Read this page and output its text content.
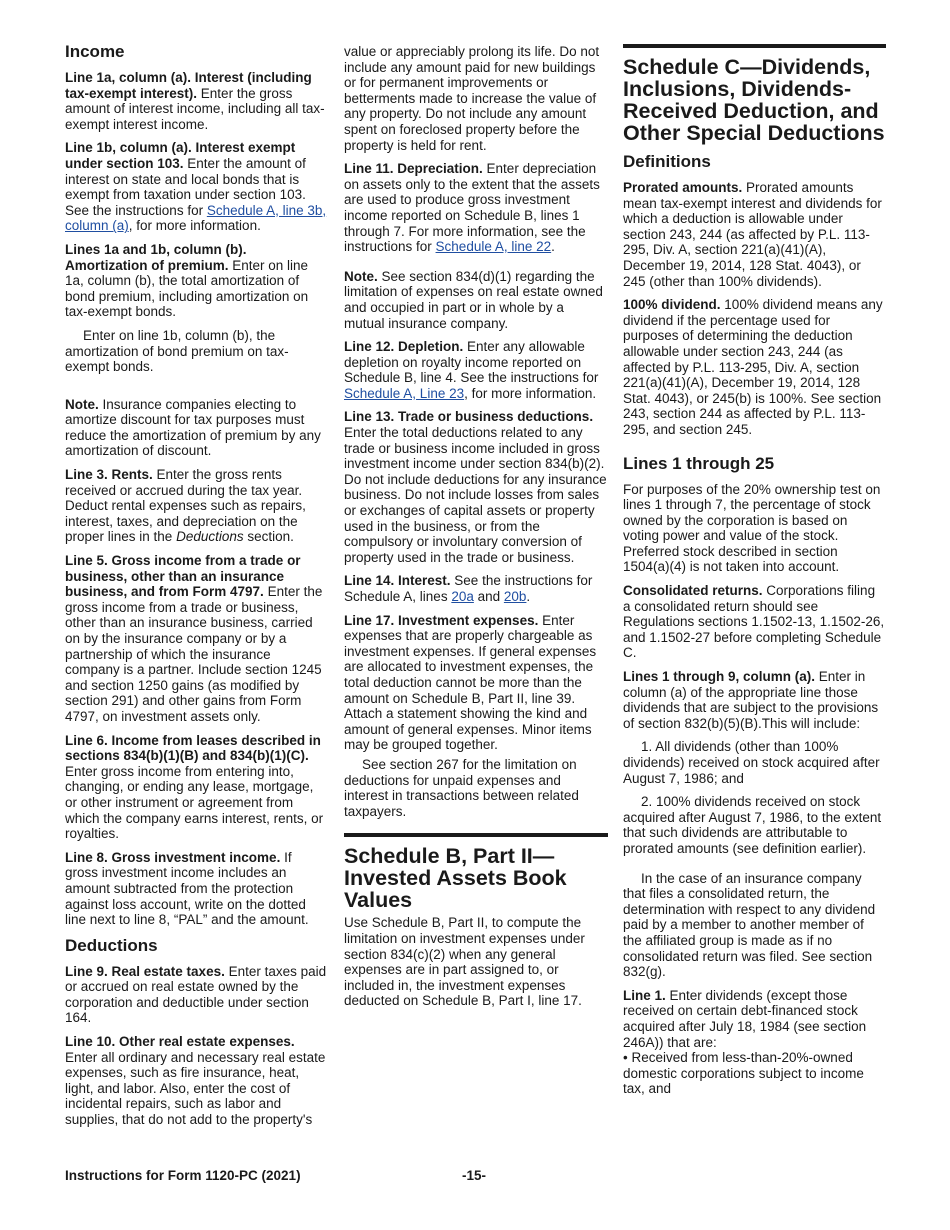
Income

Line 1a, column (a). Interest (including tax-exempt interest). Enter the gross amount of interest income, including all tax-exempt interest income.

Line 1b, column (a). Interest exempt under section 103. Enter the amount of interest on state and local bonds that is exempt from taxation under section 103. See the instructions for Schedule A, line 3b, column (a), for more information.

Lines 1a and 1b, column (b). Amortization of premium. Enter on line 1a, column (b), the total amortization of bond premium, including amortization on tax-exempt bonds.

Enter on line 1b, column (b), the amortization of bond premium on tax-exempt bonds.

Note. Insurance companies electing to amortize discount for tax purposes must reduce the amortization of premium by any amortization of discount.

Line 3. Rents. Enter the gross rents received or accrued during the tax year. Deduct rental expenses such as repairs, interest, taxes, and depreciation on the proper lines in the Deductions section.

Line 5. Gross income from a trade or business, other than an insurance business, and from Form 4797. Enter the gross income from a trade or business, other than an insurance business, carried on by the insurance company or by a partnership of which the insurance company is a partner. Include section 1245 and section 1250 gains (as modified by section 291) and other gains from Form 4797, on investment assets only.

Line 6. Income from leases described in sections 834(b)(1)(B) and 834(b)(1)(C). Enter gross income from entering into, changing, or ending any lease, mortgage, or other instrument or agreement from which the company earns interest, rents, or royalties.

Line 8. Gross investment income. If gross investment income includes an amount subtracted from the protection against loss account, write on the dotted line next to line 8, “PAL” and the amount.

Deductions

Line 9. Real estate taxes. Enter taxes paid or accrued on real estate owned by the corporation and deductible under section 164.

Line 10. Other real estate expenses. Enter all ordinary and necessary real estate expenses, such as fire insurance, heat, light, and labor. Also, enter the cost of incidental repairs, such as labor and supplies, that do not add to the property's

value or appreciably prolong its life. Do not include any amount paid for new buildings or for permanent improvements or betterments made to increase the value of any property. Do not include any amount spent on foreclosed property before the property is held for rent.

Line 11. Depreciation. Enter depreciation on assets only to the extent that the assets are used to produce gross investment income reported on Schedule B, lines 1 through 7. For more information, see the instructions for Schedule A, line 22.

Note. See section 834(d)(1) regarding the limitation of expenses on real estate owned and occupied in part or in whole by a mutual insurance company.

Line 12. Depletion. Enter any allowable depletion on royalty income reported on Schedule B, line 4. See the instructions for Schedule A, Line 23, for more information.

Line 13. Trade or business deductions. Enter the total deductions related to any trade or business income included in gross investment income under section 834(b)(2). Do not include deductions for any insurance business. Do not include losses from sales or exchanges of capital assets or property used in the business, or from the compulsory or involuntary conversion of property used in the trade or business.

Line 14. Interest. See the instructions for Schedule A, lines 20a and 20b.

Line 17. Investment expenses. Enter expenses that are properly chargeable as investment expenses. If general expenses are allocated to investment expenses, the total deduction cannot be more than the amount on Schedule B, Part II, line 39. Attach a statement showing the kind and amount of general expenses. Minor items may be grouped together.

See section 267 for the limitation on deductions for unpaid expenses and interest in transactions between related taxpayers.

Schedule B, Part II—Invested Assets Book Values

Use Schedule B, Part II, to compute the limitation on investment expenses under section 834(c)(2) when any general expenses are in part assigned to, or included in, the investment expenses deducted on Schedule B, Part I, line 17.

Schedule C—Dividends, Inclusions, Dividends-Received Deduction, and Other Special Deductions
Definitions

Prorated amounts. Prorated amounts mean tax-exempt interest and dividends for which a deduction is allowable under section 243, 244 (as affected by P.L. 113-295, Div. A, section 221(a)(41)(A), December 19, 2014, 128 Stat. 4043), or 245 (other than 100% dividends).

100% dividend. 100% dividend means any dividend if the percentage used for purposes of determining the deduction allowable under section 243, 244 (as affected by P.L. 113-295, Div. A, section 221(a)(41)(A), December 19, 2014, 128 Stat. 4043), or 245(b) is 100%. See section 243, section 244 as affected by P.L. 113-295, and section 245.

Lines 1 through 25

For purposes of the 20% ownership test on lines 1 through 7, the percentage of stock owned by the corporation is based on voting power and value of the stock. Preferred stock described in section 1504(a)(4) is not taken into account.

Consolidated returns. Corporations filing a consolidated return should see Regulations sections 1.1502-13, 1.1502-26, and 1.1502-27 before completing Schedule C.

Lines 1 through 9, column (a). Enter in column (a) of the appropriate line those dividends that are subject to the provisions of section 832(b)(5)(B).This will include:

1. All dividends (other than 100% dividends) received on stock acquired after August 7, 1986; and

2. 100% dividends received on stock acquired after August 7, 1986, to the extent that such dividends are attributable to prorated amounts (see definition earlier).

In the case of an insurance company that files a consolidated return, the determination with respect to any dividend paid by a member to another member of the affiliated group is made as if no consolidated return was filed. See section 832(g).

Line 1. Enter dividends (except those received on certain debt-financed stock acquired after July 18, 1984 (see section 246A)) that are:

• Received from less-than-20%-owned domestic corporations subject to income tax, and

Instructions for Form 1120-PC (2021)	-15-
